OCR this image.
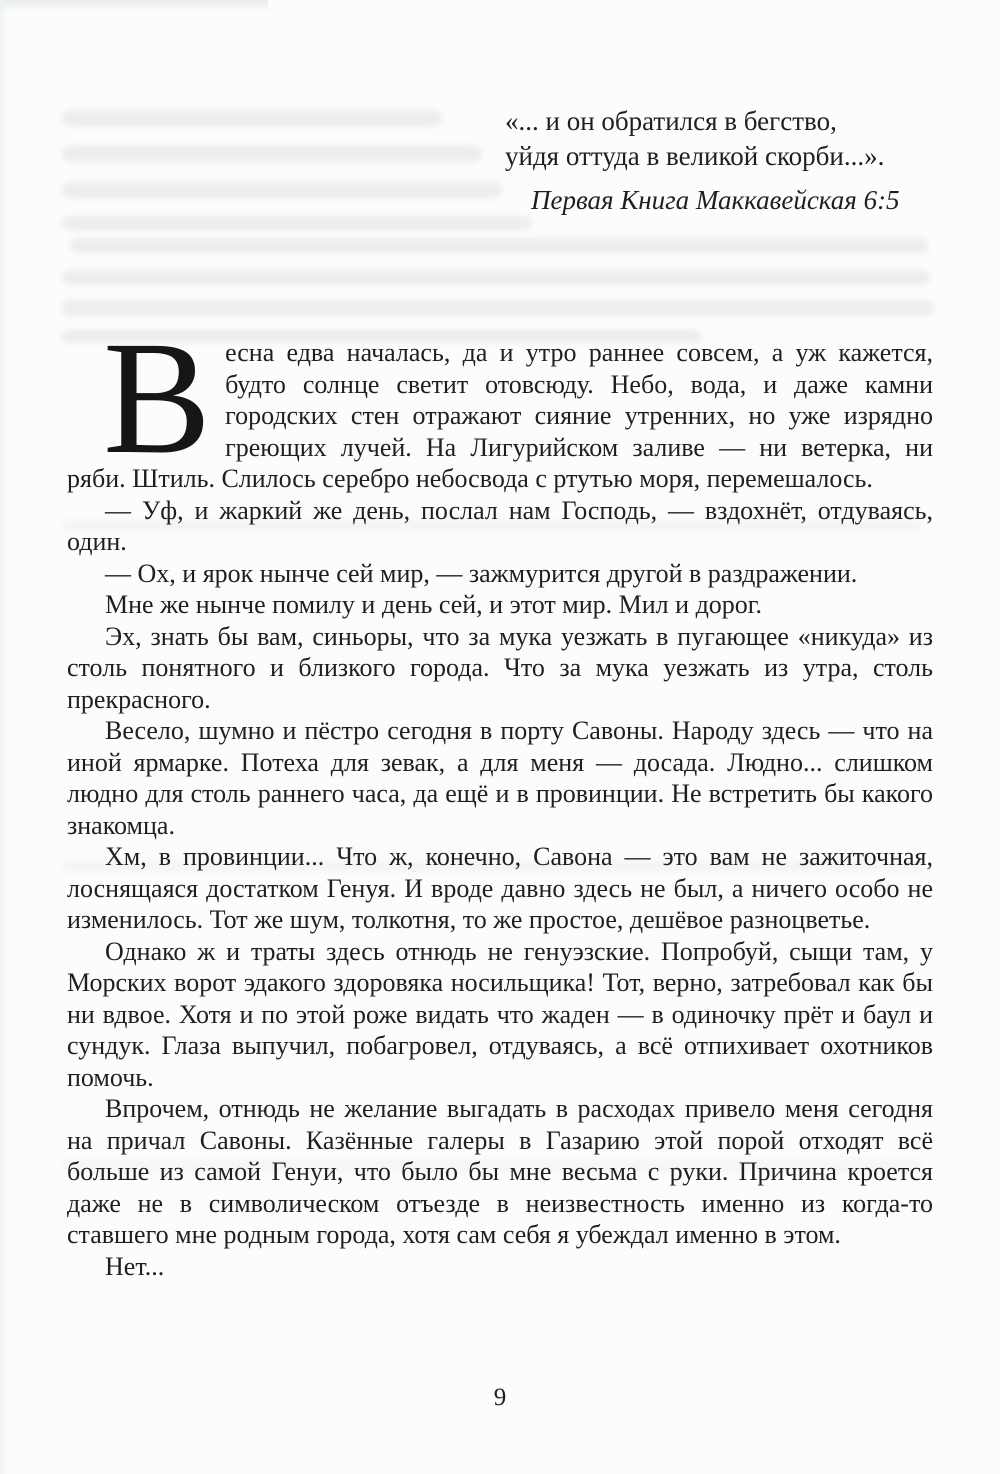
«... и он обратился в бегство,
уйдя оттуда в великой скорби...».
Первая Книга Маккавейская 6:5

Весна едва началась, да и утро раннее совсем, а уж кажется, будто солнце светит отовсюду. Небо, вода, и даже камни городских стен отражают сияние утренних, но уже изрядно греющих лучей. На Лигурийском заливе — ни ветерка, ни ряби. Штиль. Слилось серебро небосвода с ртутью моря, перемешалось.

— Уф, и жаркий же день, послал нам Господь, — вздохнёт, отдуваясь, один.

— Ох, и ярок нынче сей мир, — зажмурится другой в раздражении.

Мне же нынче помилу и день сей, и этот мир. Мил и дорог.

Эх, знать бы вам, синьоры, что за мука уезжать в пугающее «никуда» из столь понятного и близкого города. Что за мука уезжать из утра, столь прекрасного.

Весело, шумно и пёстро сегодня в порту Савоны. Народу здесь — что на иной ярмарке. Потеха для зевак, а для меня — досада. Людно... слишком людно для столь раннего часа, да ещё и в провинции. Не встретить бы какого знакомца.

Хм, в провинции... Что ж, конечно, Савона — это вам не зажиточная, лоснящаяся достатком Генуя. И вроде давно здесь не был, а ничего особо не изменилось. Тот же шум, толкотня, то же простое, дешёвое разноцветье.

Однако ж и траты здесь отнюдь не генуэзские. Попробуй, сыщи там, у Морских ворот эдакого здоровяка носильщика! Тот, верно, затребовал как бы ни вдвое. Хотя и по этой роже видать что жаден — в одиночку прёт и баул и сундук. Глаза выпучил, побагровел, отдуваясь, а всё отпихивает охотников помочь.

Впрочем, отнюдь не желание выгадать в расходах привело меня сегодня на причал Савоны. Казённые галеры в Газарию этой порой отходят всё больше из самой Генуи, что было бы мне весьма с руки. Причина кроется даже не в символическом отъезде в неизвестность именно из когда-то ставшего мне родным города, хотя сам себя я убеждал именно в этом.

Нет...

9
